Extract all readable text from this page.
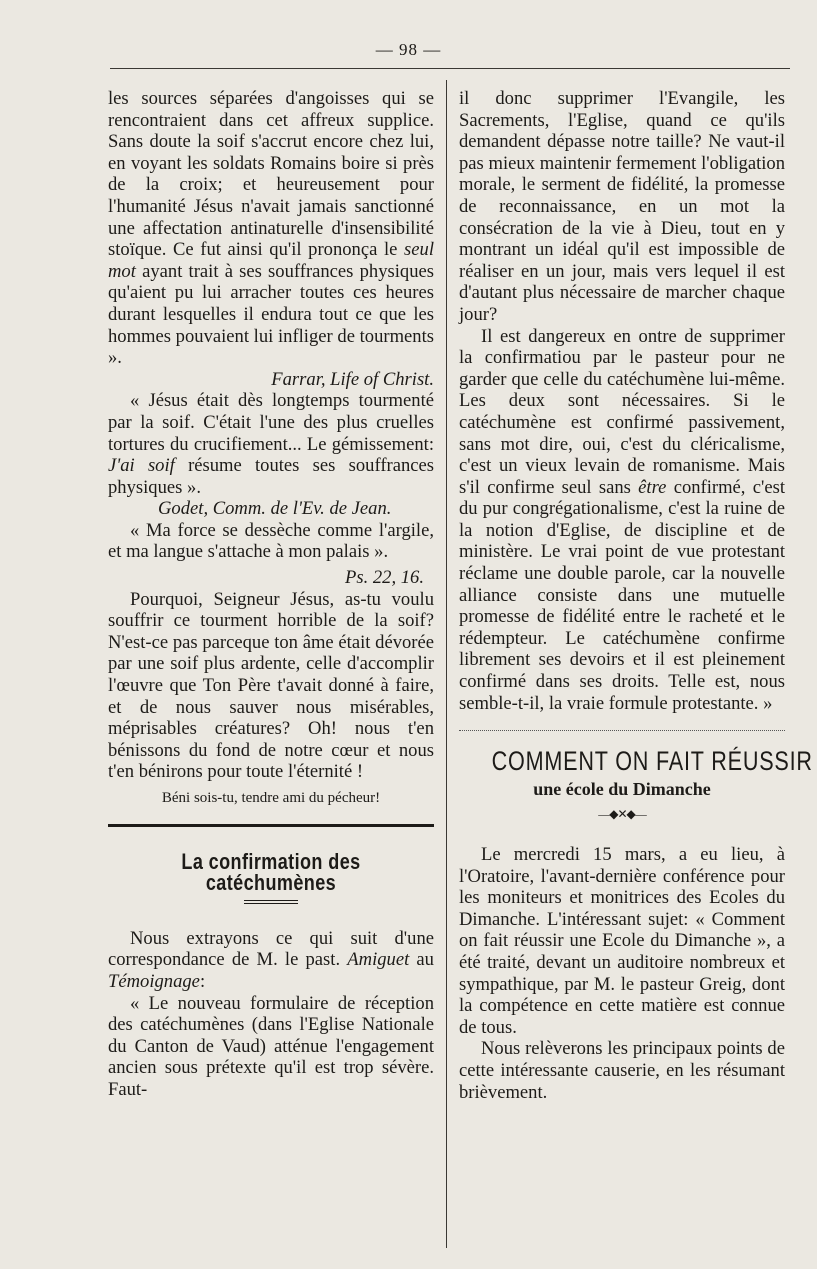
— 98 —

les sources séparées d'angoisses qui se rencontraient dans cet affreux supplice. Sans doute la soif s'accrut encore chez lui, en voyant les soldats Romains boire si près de la croix; et heureusement pour l'humanité Jésus n'avait jamais sanctionné une affectation antinaturelle d'insensibilité stoïque. Ce fut ainsi qu'il prononça le seul mot ayant trait à ses souffrances physiques qu'aient pu lui arracher toutes ces heures durant lesquelles il endura tout ce que les hommes pouvaient lui infliger de tourments ».

Farrar, Life of Christ.

« Jésus était dès longtemps tourmenté par la soif. C'était l'une des plus cruelles tortures du crucifiement... Le gémissement: J'ai soif résume toutes ses souffrances physiques ».

Godet, Comm. de l'Ev. de Jean.

« Ma force se dessèche comme l'argile, et ma langue s'attache à mon palais ».

Ps. 22, 16.

Pourquoi, Seigneur Jésus, as-tu voulu souffrir ce tourment horrible de la soif? N'est-ce pas parceque ton âme était dévorée par une soif plus ardente, celle d'accomplir l'œuvre que Ton Père t'avait donné à faire, et de nous sauver nous misérables, méprisables créatures? Oh! nous t'en bénissons du fond de notre cœur et nous t'en bénirons pour toute l'éternité !

Béni sois-tu, tendre ami du pécheur!

La confirmation des catéchumènes

Nous extrayons ce qui suit d'une correspondance de M. le past. Amiguet au Témoignage:

« Le nouveau formulaire de réception des catéchumènes (dans l'Eglise Nationale du Canton de Vaud) atténue l'engagement ancien sous prétexte qu'il est trop sévère. Faut-

il donc supprimer l'Evangile, les Sacrements, l'Eglise, quand ce qu'ils demandent dépasse notre taille? Ne vaut-il pas mieux maintenir fermement l'obligation morale, le serment de fidélité, la promesse de reconnaissance, en un mot la consécration de la vie à Dieu, tout en y montrant un idéal qu'il est impossible de réaliser en un jour, mais vers lequel il est d'autant plus nécessaire de marcher chaque jour?

Il est dangereux en ontre de supprimer la confirmatiou par le pasteur pour ne garder que celle du catéchumène lui-même. Les deux sont nécessaires. Si le catéchumène est confirmé passivement, sans mot dire, oui, c'est du cléricalisme, c'est un vieux levain de romanisme. Mais s'il confirme seul sans être confirmé, c'est du pur congrégationalisme, c'est la ruine de la notion d'Eglise, de discipline et de ministère. Le vrai point de vue protestant réclame une double parole, car la nouvelle alliance consiste dans une mutuelle promesse de fidélité entre le racheté et le rédempteur. Le catéchumène confirme librement ses devoirs et il est pleinement confirmé dans ses droits. Telle est, nous semble-t-il, la vraie formule protestante. »

COMMENT ON FAIT RÉUSSIR
une école du Dimanche
—◆✕◆—

Le mercredi 15 mars, a eu lieu, à l'Oratoire, l'avant-dernière conférence pour les moniteurs et monitrices des Ecoles du Dimanche. L'intéressant sujet: « Comment on fait réussir une Ecole du Dimanche », a été traité, devant un auditoire nombreux et sympathique, par M. le pasteur Greig, dont la compétence en cette matière est connue de tous.

Nous relèverons les principaux points de cette intéressante causerie, en les résumant brièvement.
